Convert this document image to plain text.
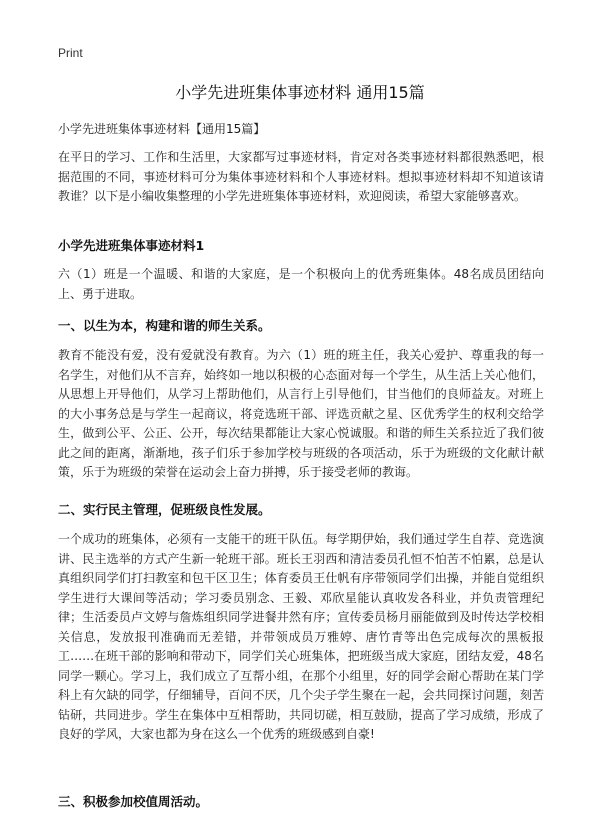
Print
小学先进班集体事迹材料 通用15篇

小学先进班集体事迹材料【通用15篇】

在平日的学习、工作和生活里，大家都写过事迹材料，肯定对各类事迹材料都很熟悉吧，根据范围的不同，事迹材料可分为集体事迹材料和个人事迹材料。想拟事迹材料却不知道该请教谁？以下是小编收集整理的小学先进班集体事迹材料，欢迎阅读，希望大家能够喜欢。

小学先进班集体事迹材料1

六（1）班是一个温暖、和谐的大家庭，是一个积极向上的优秀班集体。48名成员团结向上、勇于进取。

一、以生为本，构建和谐的师生关系。

教育不能没有爱，没有爱就没有教育。为六（1）班的班主任，我关心爱护、尊重我的每一名学生，对他们从不言弃，始终如一地以积极的心态面对每一个学生，从生活上关心他们，从思想上开导他们，从学习上帮助他们，从言行上引导他们，甘当他们的良师益友。对班上的大小事务总是与学生一起商议，将竞选班干部、评选贡献之星、区优秀学生的权利交给学生，做到公平、公正、公开，每次结果都能让大家心悦诚服。和谐的师生关系拉近了我们彼此之间的距离，渐渐地，孩子们乐于参加学校与班级的各项活动，乐于为班级的文化献计献策，乐于为班级的荣誉在运动会上奋力拼搏，乐于接受老师的教诲。

二、实行民主管理，促班级良性发展。

一个成功的班集体，必须有一支能干的班干队伍。每学期伊始，我们通过学生自荐、竞选演讲、民主选举的方式产生新一轮班干部。班长王羽西和清洁委员孔恒不怕苦不怕累，总是认真组织同学们打扫教室和包干区卫生；体育委员王仕帆有序带领同学们出操，并能自觉组织学生进行大课间等活动；学习委员别念、王毅、邓欣星能认真收发各科业，并负责管理纪律；生活委员卢文婷与詹炼组织同学进餐井然有序；宣传委员杨月丽能做到及时传达学校相关信息，发放报刊准确而无差错，并带领成员万雅婷、唐竹青等出色完成每次的黑板报工……在班干部的影响和带动下，同学们关心班集体，把班级当成大家庭，团结友爱，48名同学一颗心。学习上，我们成立了互帮小组，在那个小组里，好的同学会耐心帮助在某门学科上有欠缺的同学，仔细辅导，百问不厌，几个尖子学生聚在一起，会共同探讨问题，刻苦钻研，共同进步。学生在集体中互相帮助，共同切磋，相互鼓励，提高了学习成绩，形成了良好的学风，大家也都为身在这么一个优秀的班级感到自豪!

三、积极参加校值周活动。
